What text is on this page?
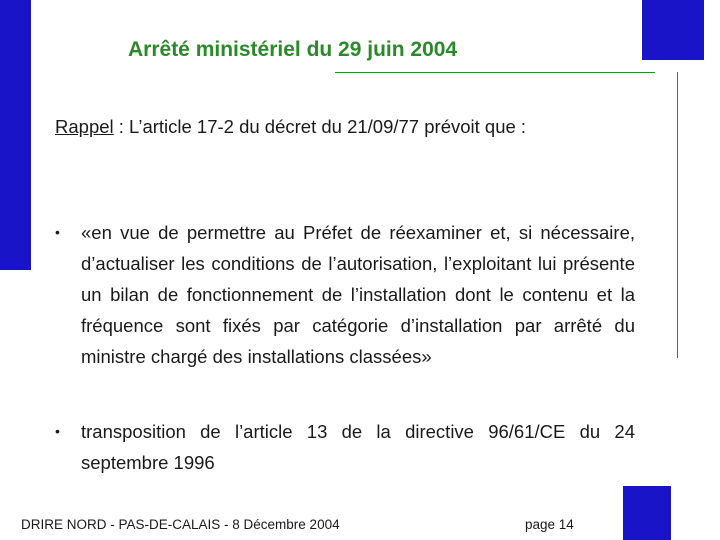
Arrêté ministériel du 29 juin 2004
Rappel : L’article 17-2 du décret du 21/09/77 prévoit que :
• «en vue de permettre au Préfet de réexaminer et, si nécessaire, d’actualiser les conditions de l’autorisation, l’exploitant lui présente un bilan de fonctionnement de l’installation dont le contenu et la fréquence sont fixés par catégorie d’installation par arrêté du ministre chargé des installations classées»
• transposition de l’article 13 de la directive 96/61/CE du 24 septembre 1996
DRIRE NORD - PAS-DE-CALAIS - 8 Décembre 2004	page 14
